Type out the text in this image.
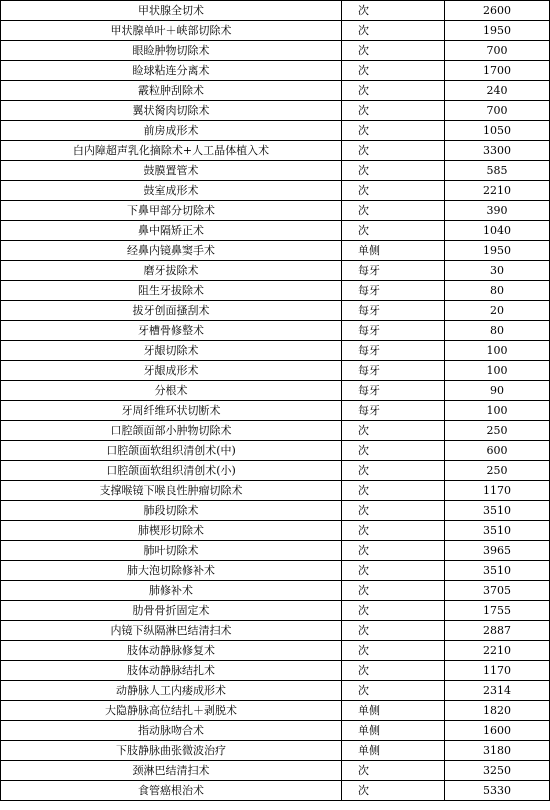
甲状腺全切术	次	2600
甲状腺单叶＋峡部切除术	次	1950
眼睑肿物切除术	次	700
睑球粘连分离术	次	1700
霰粒肿刮除术	次	240
翼状胬肉切除术	次	700
前房成形术	次	1050
白内障超声乳化摘除术+人工晶体植入术	次	3300
鼓膜置管术	次	585
鼓室成形术	次	2210
下鼻甲部分切除术	次	390
鼻中隔矫正术	次	1040
经鼻内镜鼻窦手术	单侧	1950
磨牙拔除术	每牙	30
阻生牙拔除术	每牙	80
拔牙创面搔刮术	每牙	20
牙槽骨修整术	每牙	80
牙龈切除术	每牙	100
牙龈成形术	每牙	100
分根术	每牙	90
牙周纤维环状切断术	每牙	100
口腔颌面部小肿物切除术	次	250
口腔颌面软组织清创术(中)	次	600
口腔颌面软组织清创术(小)	次	250
支撑喉镜下喉良性肿瘤切除术	次	1170
肺段切除术	次	3510
肺楔形切除术	次	3510
肺叶切除术	次	3965
肺大泡切除修补术	次	3510
肺修补术	次	3705
肋骨骨折固定术	次	1755
内镜下纵隔淋巴结清扫术	次	2887
肢体动静脉修复术	次	2210
肢体动静脉结扎术	次	1170
动静脉人工内瘘成形术	次	2314
大隐静脉高位结扎＋剥脱术	单侧	1820
指动脉吻合术	单侧	1600
下肢静脉曲张微波治疗	单侧	3180
颈淋巴结清扫术	次	3250
食管癌根治术	次	5330
